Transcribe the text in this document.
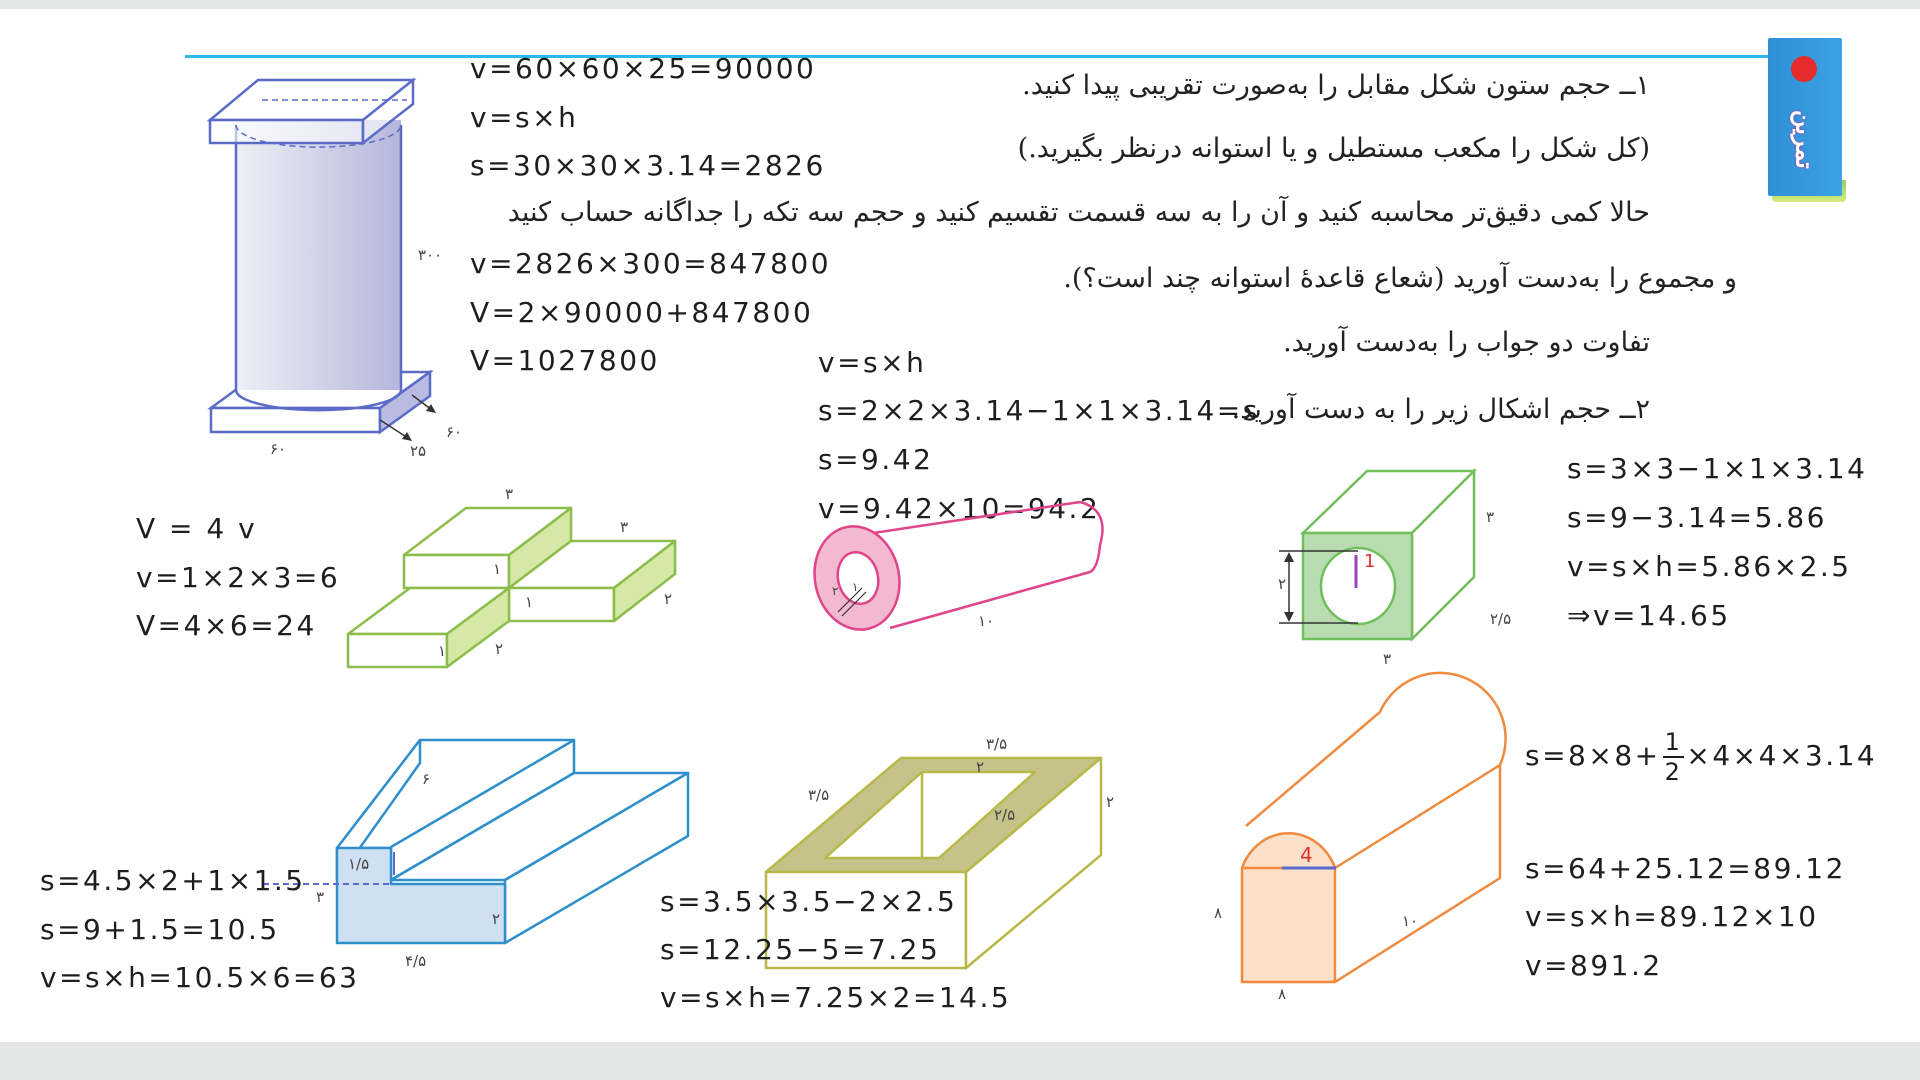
تمرین
۱ــ حجم ستون شکل مقابل را به‌صورت تقریبی پیدا کنید.
(کل شکل را مکعب مستطیل و یا استوانه درنظر بگیرید.)
حالا کمی دقیق‌تر محاسبه کنید و آن را به سه قسمت تقسیم کنید و حجم سه تکه را جداگانه حساب کنید
و مجموع را به‌دست آورید (شعاع قاعدهٔ استوانه چند است؟).
تفاوت دو جواب را به‌دست آورید.
۲ــ حجم اشکال زیر را به دست آورید.
v=60×60×25=90000
v=s×h
s=30×30×3.14=2826
v=2826×300=847800
V=2×90000+847800
V=1027800
۳۰۰
۶۰
۶۰
۲۵
v=s×h
s=2×2×3.14−1×1×3.14=s
s=9.42
v=9.42×10=94.2
V = 4 v
v=1×2×3=6
V=4×6=24
۳
۳
۱
۱
۱
۲
۲
۱۰
۲ ۱
1
۲
۳
۲/۵
۳
s=3×3−1×1×3.14
s=9−3.14=5.86
v=s×h=5.86×2.5
⇒v=14.65
۶
۱/۵
۳
۲
۴/۵
s=4.5×2+1×1.5
s=9+1.5=10.5
v=s×h=10.5×6=63
۳/۵
۳/۵
۲
۲/۵
۲
s=3.5×3.5−2×2.5
s=12.25−5=7.25
v=s×h=7.25×2=14.5
4
۸
۸
۱۰
$s=8\times 8+ \frac{1}{2} \times 4\times 4\times 3.14$
s=64+25.12=89.12
v=s×h=89.12×10
v=891.2
